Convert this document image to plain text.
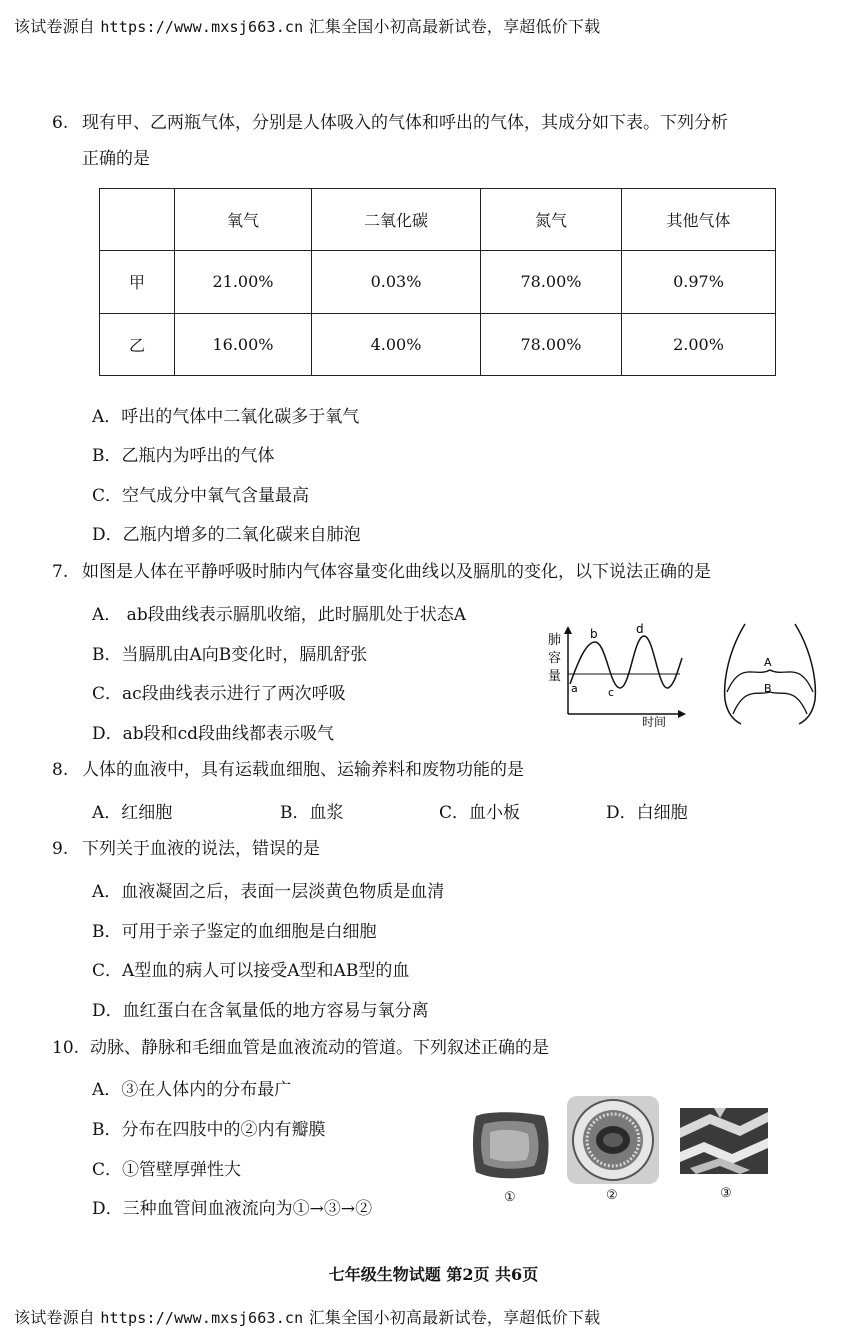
该试卷源自 https://www.mxsj663.cn 汇集全国小初高最新试卷，享超低价下载
6. 现有甲、乙两瓶气体，分别是人体吸入的气体和呼出的气体，其成分如下表。下列分析
正确的是
	氧气	二氧化碳	氮气	其他气体
甲	21.00%	0.03%	78.00%	0.97%
乙	16.00%	4.00%	78.00%	2.00%
A．呼出的气体中二氧化碳多于氧气
B．乙瓶内为呼出的气体
C．空气成分中氧气含量最高
D．乙瓶内增多的二氧化碳来自肺泡
7. 如图是人体在平静呼吸时肺内气体容量变化曲线以及膈肌的变化，以下说法正确的是
A． ab段曲线表示膈肌收缩，此时膈肌处于状态A
B．当膈肌由A向B变化时，膈肌舒张
C．ac段曲线表示进行了两次呼吸
D．ab段和cd段曲线都表示吸气
肺
容
量
a
b
c
d
时间
A
B
8. 人体的血液中，具有运载血细胞、运输养料和废物功能的是
A．红细胞	B．血浆	C．血小板	D．白细胞
9. 下列关于血液的说法，错误的是
A．血液凝固之后，表面一层淡黄色物质是血清
B．可用于亲子鉴定的血细胞是白细胞
C．A型血的病人可以接受A型和AB型的血
D．血红蛋白在含氧量低的地方容易与氧分离
10. 动脉、静脉和毛细血管是血液流动的管道。下列叙述正确的是
A．③在人体内的分布最广
B．分布在四肢中的②内有瓣膜
C．①管壁厚弹性大
D．三种血管间血液流向为①→③→②
①	②	③
七年级生物试题 第2页 共6页
该试卷源自 https://www.mxsj663.cn 汇集全国小初高最新试卷，享超低价下载
